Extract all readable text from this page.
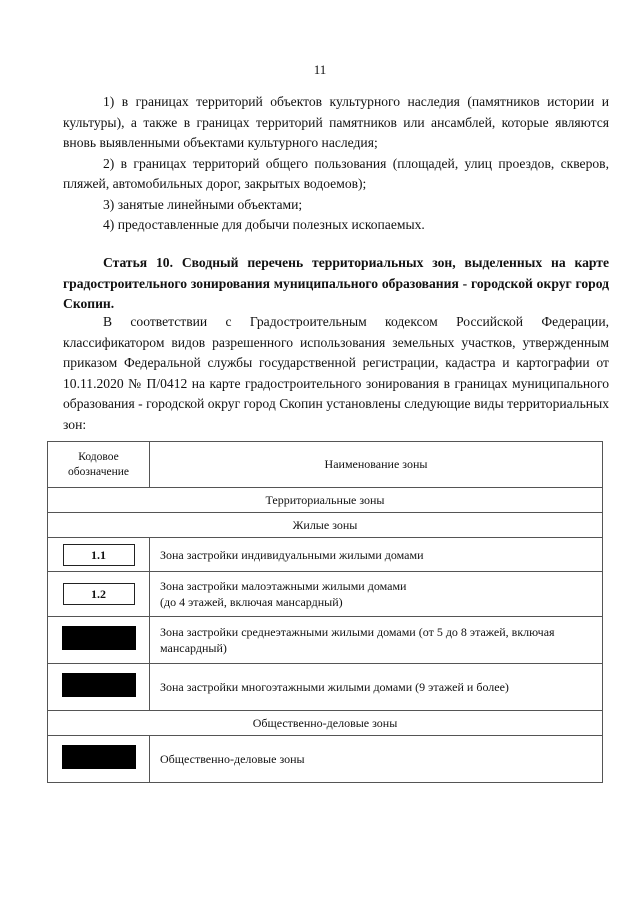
11

1) в границах территорий объектов культурного наследия (памятников истории и культуры), а также в границах территорий памятников или ансамблей, которые являются вновь выявленными объектами культурного наследия;

2) в границах территорий общего пользования (площадей, улиц проездов, скверов, пляжей, автомобильных дорог, закрытых водоемов);

3) занятые линейными объектами;

4) предоставленные для добычи полезных ископаемых.

Статья 10. Сводный перечень территориальных зон, выделенных на карте градостроительного зонирования муниципального образования - городской округ город Скопин.

В соответствии с Градостроительным кодексом Российской Федерации, классификатором видов разрешенного использования земельных участков, утвержденным приказом Федеральной службы государственной регистрации, кадастра и картографии от 10.11.2020 № П/0412 на карте градостроительного зонирования в границах муниципального образования - городской округ город Скопин установлены следующие виды территориальных зон:

Кодовое обозначение	Наименование зоны
Территориальные зоны	
Жилые зоны	
1.1	Зона застройки индивидуальными жилыми домами
1.2	Зона застройки малоэтажными жилыми домами
(до 4 этажей, включая мансардный)

	Зона застройки среднеэтажными жилыми домами (от 5 до 8 этажей, включая мансардный)
	Зона застройки многоэтажными жилыми домами (9 этажей и более)
Общественно-деловые зоны	
	Общественно-деловые зоны
